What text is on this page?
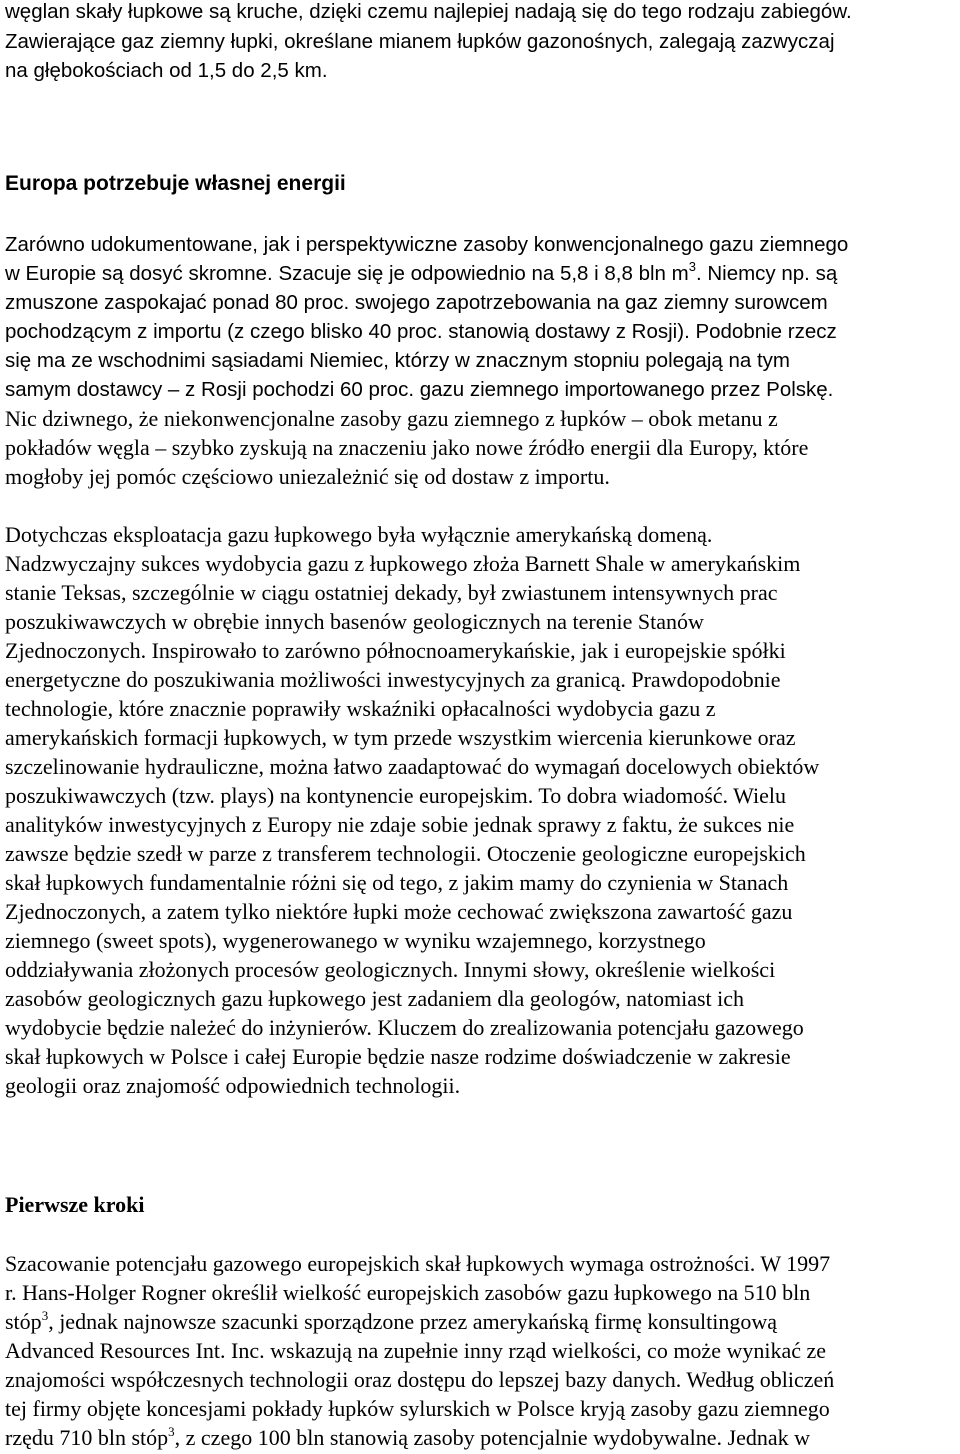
węglan skały łupkowe są kruche, dzięki czemu najlepiej nadają się do tego rodzaju zabiegów.
Zawierające gaz ziemny łupki, określane mianem łupków gazonośnych, zalegają zazwyczaj
na głębokościach od 1,5 do 2,5 km.
Europa potrzebuje własnej energii
Zarówno udokumentowane, jak i perspektywiczne zasoby konwencjonalnego gazu ziemnego
w Europie są dosyć skromne. Szacuje się je odpowiednio na 5,8 i 8,8 bln $m^3$. Niemcy np. są
zmuszone zaspokajać ponad 80 proc. swojego zapotrzebowania na gaz ziemny surowcem
pochodzącym z importu (z czego blisko 40 proc. stanowią dostawy z Rosji). Podobnie rzecz
się ma ze wschodnimi sąsiadami Niemiec, którzy w znacznym stopniu polegają na tym
samym dostawcy – z Rosji pochodzi 60 proc. gazu ziemnego importowanego przez Polskę.
Nic dziwnego, że niekonwencjonalne zasoby gazu ziemnego z łupków – obok metanu z
pokładów węgla – szybko zyskują na znaczeniu jako nowe źródło energii dla Europy, które
mogłoby jej pomóc częściowo uniezależnić się od dostaw z importu.
Dotychczas eksploatacja gazu łupkowego była wyłącznie amerykańską domeną.
Nadzwyczajny sukces wydobycia gazu z łupkowego złoża Barnett Shale w amerykańskim
stanie Teksas, szczególnie w ciągu ostatniej dekady, był zwiastunem intensywnych prac
poszukiwawczych w obrębie innych basenów geologicznych na terenie Stanów
Zjednoczonych. Inspirowało to zarówno północnoamerykańskie, jak i europejskie spółki
energetyczne do poszukiwania możliwości inwestycyjnych za granicą. Prawdopodobnie
technologie, które znacznie poprawiły wskaźniki opłacalności wydobycia gazu z
amerykańskich formacji łupkowych, w tym przede wszystkim wiercenia kierunkowe oraz
szczelinowanie hydrauliczne, można łatwo zaadaptować do wymagań docelowych obiektów
poszukiwawczych (tzw. plays) na kontynencie europejskim. To dobra wiadomość. Wielu
analityków inwestycyjnych z Europy nie zdaje sobie jednak sprawy z faktu, że sukces nie
zawsze będzie szedł w parze z transferem technologii. Otoczenie geologiczne europejskich
skał łupkowych fundamentalnie różni się od tego, z jakim mamy do czynienia w Stanach
Zjednoczonych, a zatem tylko niektóre łupki może cechować zwiększona zawartość gazu
ziemnego (sweet spots), wygenerowanego w wyniku wzajemnego, korzystnego
oddziaływania złożonych procesów geologicznych. Innymi słowy, określenie wielkości
zasobów geologicznych gazu łupkowego jest zadaniem dla geologów, natomiast ich
wydobycie będzie należeć do inżynierów. Kluczem do zrealizowania potencjału gazowego
skał łupkowych w Polsce i całej Europie będzie nasze rodzime doświadczenie w zakresie
geologii oraz znajomość odpowiednich technologii.
Pierwsze kroki
Szacowanie potencjału gazowego europejskich skał łupkowych wymaga ostrożności. W 1997
r. Hans-Holger Rogner określił wielkość europejskich zasobów gazu łupkowego na 510 bln
stóp$^3$, jednak najnowsze szacunki sporządzone przez amerykańską firmę konsultingową
Advanced Resources Int. Inc. wskazują na zupełnie inny rząd wielkości, co może wynikać ze
znajomości współczesnych technologii oraz dostępu do lepszej bazy danych. Według obliczeń
tej firmy objęte koncesjami pokłady łupków sylurskich w Polsce kryją zasoby gazu ziemnego
rzędu 710 bln stóp$^3$, z czego 100 bln stanowią zasoby potencjalnie wydobywalne. Jednak w
